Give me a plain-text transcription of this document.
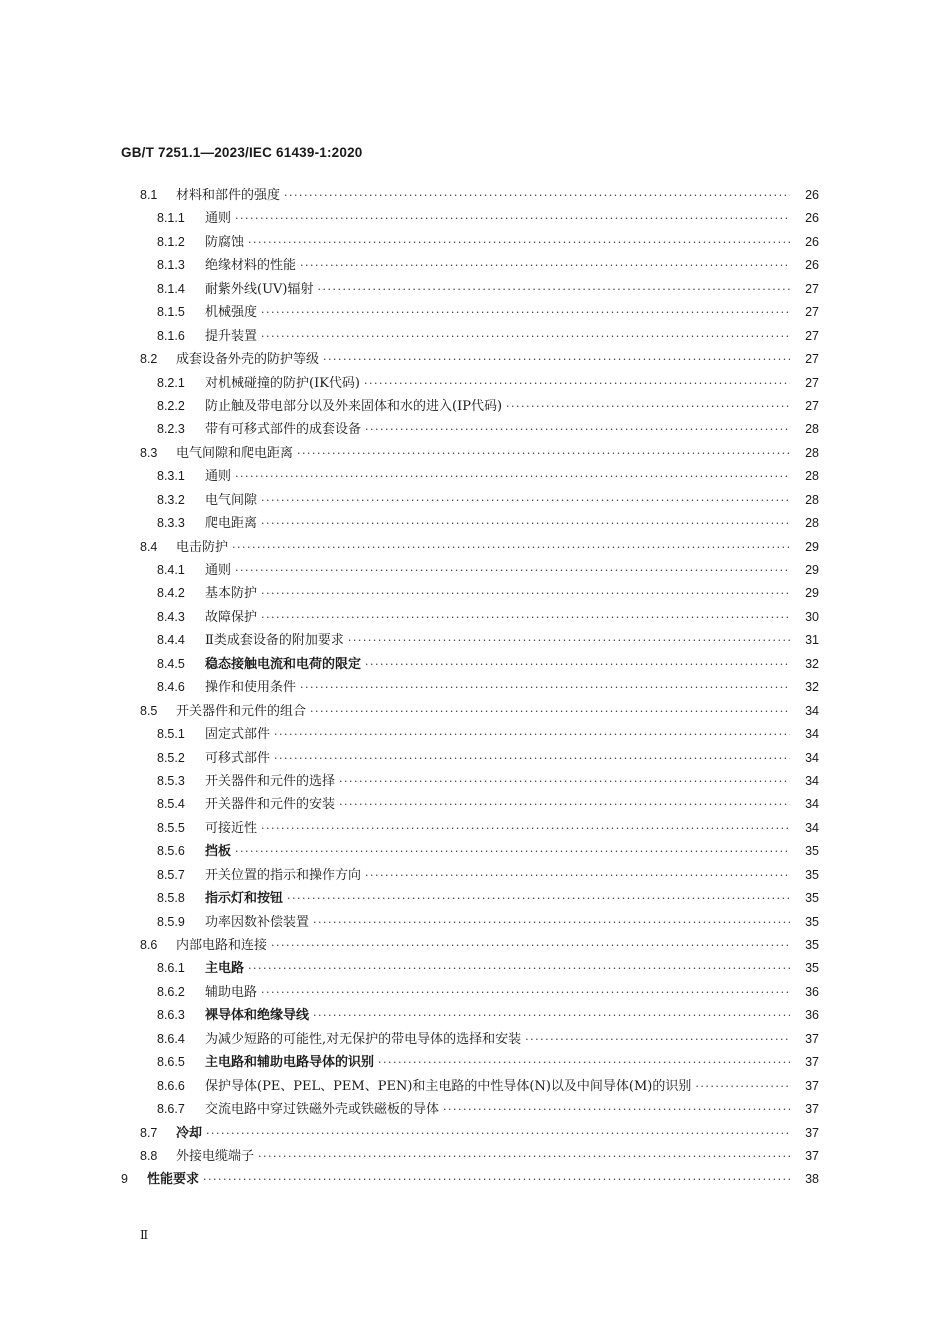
GB/T 7251.1—2023/IEC 61439-1:2020
8.1 材料和部件的强度 ·····	26
8.1.1 通则 ·····	26
8.1.2 防腐蚀 ·····	26
8.1.3 绝缘材料的性能 ·····	26
8.1.4 耐紫外线(UV)辐射 ·····	27
8.1.5 机械强度 ·····	27
8.1.6 提升装置 ·····	27
8.2 成套设备外壳的防护等级 ·····	27
8.2.1 对机械碰撞的防护(IK代码) ·····	27
8.2.2 防止触及带电部分以及外来固体和水的进入(IP代码) ·····	27
8.2.3 带有可移式部件的成套设备 ·····	28
8.3 电气间隙和爬电距离 ·····	28
8.3.1 通则 ·····	28
8.3.2 电气间隙 ·····	28
8.3.3 爬电距离 ·····	28
8.4 电击防护 ·····	29
8.4.1 通则 ·····	29
8.4.2 基本防护 ·····	29
8.4.3 故障保护 ·····	30
8.4.4 Ⅱ类成套设备的附加要求 ·····	31
8.4.5 稳态接触电流和电荷的限定 ·····	32
8.4.6 操作和使用条件 ·····	32
8.5 开关器件和元件的组合 ·····	34
8.5.1 固定式部件 ·····	34
8.5.2 可移式部件 ·····	34
8.5.3 开关器件和元件的选择 ·····	34
8.5.4 开关器件和元件的安装 ·····	34
8.5.5 可接近性 ·····	34
8.5.6 挡板 ·····	35
8.5.7 开关位置的指示和操作方向 ·····	35
8.5.8 指示灯和按钮 ·····	35
8.5.9 功率因数补偿装置 ·····	35
8.6 内部电路和连接 ·····	35
8.6.1 主电路 ·····	35
8.6.2 辅助电路 ·····	36
8.6.3 裸导体和绝缘导线 ·····	36
8.6.4 为减少短路的可能性,对无保护的带电导体的选择和安装 ·····	37
8.6.5 主电路和辅助电路导体的识别 ·····	37
8.6.6 保护导体(PE、PEL、PEM、PEN)和主电路的中性导体(N)以及中间导体(M)的识别 ·····	37
8.6.7 交流电路中穿过铁磁外壳或铁磁板的导体 ·····	37
8.7 冷却 ·····	37
8.8 外接电缆端子 ·····	37
9 性能要求 ·····	38
Ⅱ
